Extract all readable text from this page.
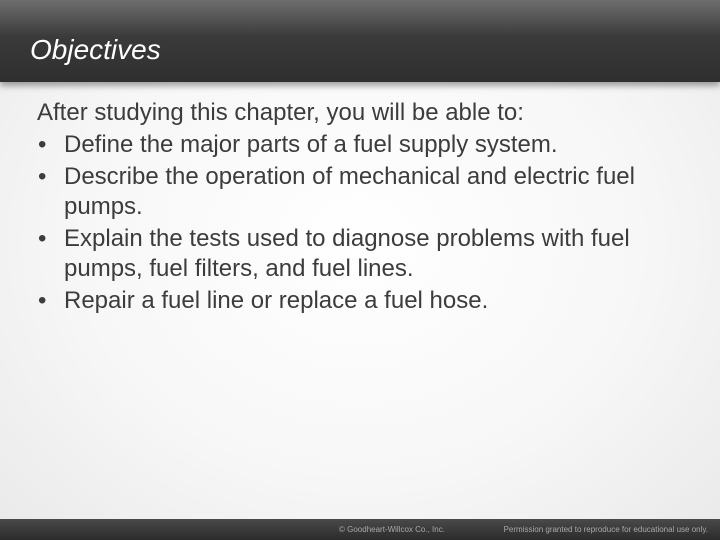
Objectives
After studying this chapter, you will be able to:
• Define the major parts of a fuel supply system.
• Describe the operation of mechanical and electric fuel pumps.
• Explain the tests used to diagnose problems with fuel pumps, fuel filters, and fuel lines.
• Repair a fuel line or replace a fuel hose.
© Goodheart-Willcox Co., Inc.	Permission granted to reproduce for educational use only.
